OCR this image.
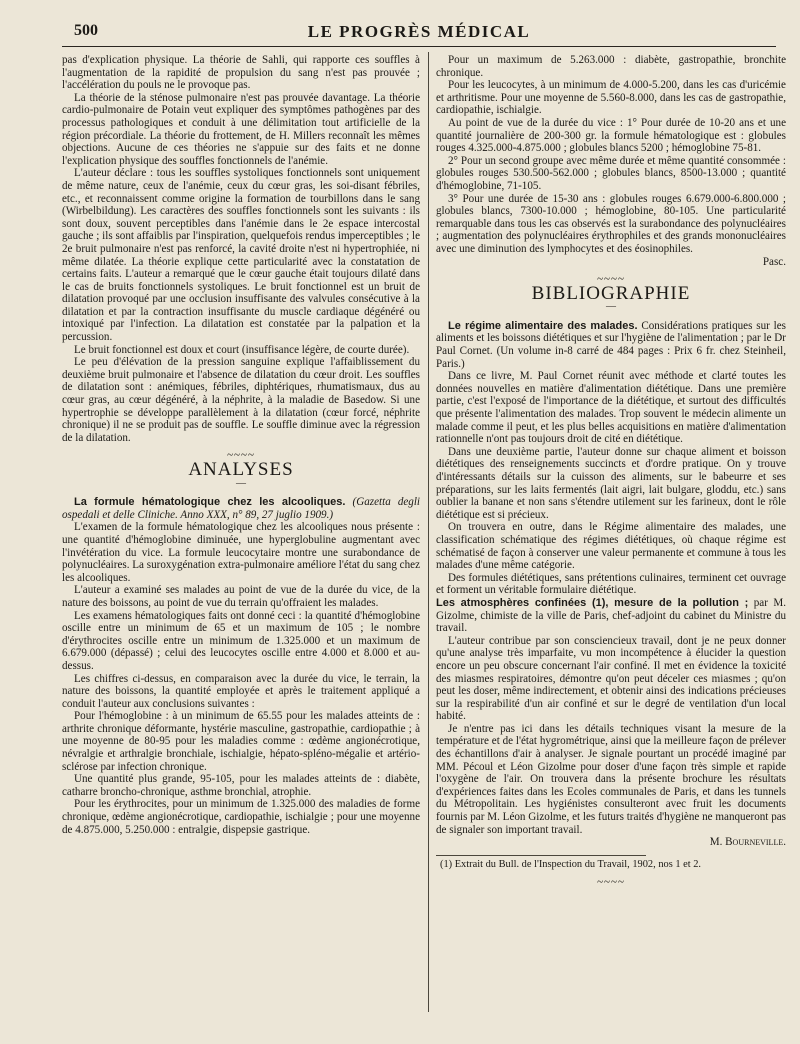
500	LE PROGRÈS MÉDICAL

pas d'explication physique. La théorie de Sahli, qui rapporte ces souffles à l'augmentation de la rapidité de propulsion du sang n'est pas prouvée ; l'accélération du pouls ne le provoque pas.

La théorie de la sténose pulmonaire n'est pas prouvée davantage. La théorie cardio-pulmonaire de Potain veut expliquer des symptômes pathogènes par des processus pathologiques et conduit à une délimitation tout artificielle de la région précordiale. La théorie du frottement, de H. Millers reconnaît les mêmes objections. Aucune de ces théories ne s'appuie sur des faits et ne donne l'explication physique des souffles fonctionnels de l'anémie.

L'auteur déclare : tous les souffles systoliques fonctionnels sont uniquement de même nature, ceux de l'anémie, ceux du cœur gras, les soi-disant fébriles, etc., et reconnaissent comme origine la formation de tourbillons dans le sang (Wirbelbildung). Les caractères des souffles fonctionnels sont les suivants : ils sont doux, souvent perceptibles dans l'anémie dans le 2e espace intercostal gauche ; ils sont affaiblis par l'inspiration, quelquefois rendus imperceptibles ; le 2e bruit pulmonaire n'est pas renforcé, la cavité droite n'est ni hypertrophiée, ni même dilatée. La théorie explique cette particularité avec la constatation de certains faits. L'auteur a remarqué que le cœur gauche était toujours dilaté dans le cas de bruits fonctionnels systoliques. Le bruit fonctionnel est un bruit de dilatation provoqué par une occlusion insuffisante des valvules consécutive à la dilatation et par la contraction insuffisante du muscle cardiaque dégénéré ou intoxiqué par l'infection. La dilatation est constatée par la palpation et la percussion.

Le bruit fonctionnel est doux et court (insuffisance légère, de courte durée).

Le peu d'élévation de la pression sanguine explique l'affaiblissement du deuxième bruit pulmonaire et l'absence de dilatation du cœur droit. Les souffles de dilatation sont : anémiques, fébriles, diphtériques, rhumatismaux, dus au cœur gras, au cœur dégénéré, à la néphrite, à la maladie de Basedow. Si une hypertrophie se développe parallèlement à la dilatation (cœur forcé, néphrite chronique) il ne se produit pas de souffle. Le souffle diminue avec la régression de la dilatation.

~~~~
ANALYSES
—

La formule hématologique chez les alcooliques. (Gazetta degli ospedali et delle Cliniche. Anno XXX, n° 89, 27 juglio 1909.)

L'examen de la formule hématologique chez les alcooliques nous présente : une quantité d'hémoglobine diminuée, une hyperglobuline augmentant avec l'invétération du vice. La formule leucocytaire montre une surabondance de polynucléaires. La suroxygénation extra-pulmonaire améliore l'état du sang chez les alcooliques.

L'auteur a examiné ses malades au point de vue de la durée du vice, de la nature des boissons, au point de vue du terrain qu'offraient les malades.

Les examens hématologiques faits ont donné ceci : la quantité d'hémoglobine oscille entre un minimum de 65 et un maximum de 105 ; le nombre d'érythrocites oscille entre un minimum de 1.325.000 et un maximum de 6.679.000 (dépassé) ; celui des leucocytes oscille entre 4.000 et 8.000 et au-dessus.

Les chiffres ci-dessus, en comparaison avec la durée du vice, le terrain, la nature des boissons, la quantité employée et après le traitement appliqué a conduit l'auteur aux conclusions suivantes :

Pour l'hémoglobine : à un minimum de 65.55 pour les malades atteints de : arthrite chronique déformante, hystérie masculine, gastropathie, cardiopathie ; à une moyenne de 80-95 pour les maladies comme : œdème angionécrotique, névralgie et arthralgie bronchiale, ischialgie, hépato-spléno-mégalie et artério-sclérose par infection chronique.

Une quantité plus grande, 95-105, pour les malades atteints de : diabète, catharre broncho-chronique, asthme bronchial, atrophie.

Pour les érythrocites, pour un minimum de 1.325.000 des maladies de forme chronique, œdème angionécrotique, cardiopathie, ischialgie ; pour une moyenne de 4.875.000, 5.250.000 : entralgie, dispepsie gastrique.

Pour un maximum de 5.263.000 : diabète, gastropathie, bronchite chronique.

Pour les leucocytes, à un minimum de 4.000-5.200, dans les cas d'uricémie et arthritisme. Pour une moyenne de 5.560-8.000, dans les cas de gastropathie, cardiopathie, ischialgie.

Au point de vue de la durée du vice : 1° Pour durée de 10-20 ans et une quantité journalière de 200-300 gr. la formule hématologique est : globules rouges 4.325.000-4.875.000 ; globules blancs 5200 ; hémoglobine 75-81.

2° Pour un second groupe avec même durée et même quantité consommée : globules rouges 530.500-562.000 ; globules blancs, 8500-13.000 ; quantité d'hémoglobine, 71-105.

3° Pour une durée de 15-30 ans : globules rouges 6.679.000-6.800.000 ; globules blancs, 7300-10.000 ; hémoglobine, 80-105. Une particularité remarquable dans tous les cas observés est la surabondance des polynucléaires ; augmentation des polynucléaires érythrophiles et des grands mononucléaires avec une diminution des lymphocytes et des éosinophiles.

Pasc.
~~~~
BIBLIOGRAPHIE
—

Le régime alimentaire des malades. Considérations pratiques sur les aliments et les boissons diététiques et sur l'hygiène de l'alimentation ; par le Dr Paul Cornet. (Un volume in-8 carré de 484 pages : Prix 6 fr. chez Steinheil, Paris.)

Dans ce livre, M. Paul Cornet réunit avec méthode et clarté toutes les données nouvelles en matière d'alimentation diététique. Dans une première partie, c'est l'exposé de l'importance de la diététique, et surtout des difficultés que présente l'alimentation des malades. Trop souvent le médecin alimente un malade comme il peut, et les plus belles acquisitions en matière d'alimentation rationnelle n'ont pas toujours droit de cité en diététique.

Dans une deuxième partie, l'auteur donne sur chaque aliment et boisson diététiques des renseignements succincts et d'ordre pratique. On y trouve d'intéressants détails sur la cuisson des aliments, sur le babeurre et ses préparations, sur les laits fermentés (lait aigri, lait bulgare, gloddu, etc.) sans oublier la banane et non sans s'étendre utilement sur les farineux, dont le rôle diététique est si précieux.

On trouvera en outre, dans le Régime alimentaire des malades, une classification schématique des régimes diététiques, où chaque régime est schématisé de façon à conserver une valeur permanente et commune à tous les malades d'une même catégorie.

Des formules diététiques, sans prétentions culinaires, terminent cet ouvrage et forment un véritable formulaire diététique.

Les atmosphères confinées (1), mesure de la pollution ; par M. Gizolme, chimiste de la ville de Paris, chef-adjoint du cabinet du Ministre du travail.

L'auteur contribue par son consciencieux travail, dont je ne peux donner qu'une analyse très imparfaite, vu mon incompétence à élucider la question encore un peu obscure concernant l'air confiné. Il met en évidence la toxicité des miasmes respiratoires, démontre qu'on peut déceler ces miasmes ; qu'on peut les doser, même indirectement, et obtenir ainsi des indications précieuses sur la respirabilité d'un air confiné et sur le degré de ventilation d'un local habité.

Je n'entre pas ici dans les détails techniques visant la mesure de la température et de l'état hygrométrique, ainsi que la meilleure façon de prélever des échantillons d'air à analyser. Je signale pourtant un procédé imaginé par MM. Pécoul et Léon Gizolme pour doser d'une façon très simple et rapide l'oxygène de l'air. On trouvera dans la présente brochure les résultats d'expériences faites dans les Ecoles communales de Paris, et dans les tunnels du Métropolitain. Les hygiénistes consulteront avec fruit les documents fournis par M. Léon Gizolme, et les futurs traités d'hygiène ne manqueront pas de signaler son important travail.

M. Bourneville.

(1) Extrait du Bull. de l'Inspection du Travail, 1902, nos 1 et 2.

~~~~
